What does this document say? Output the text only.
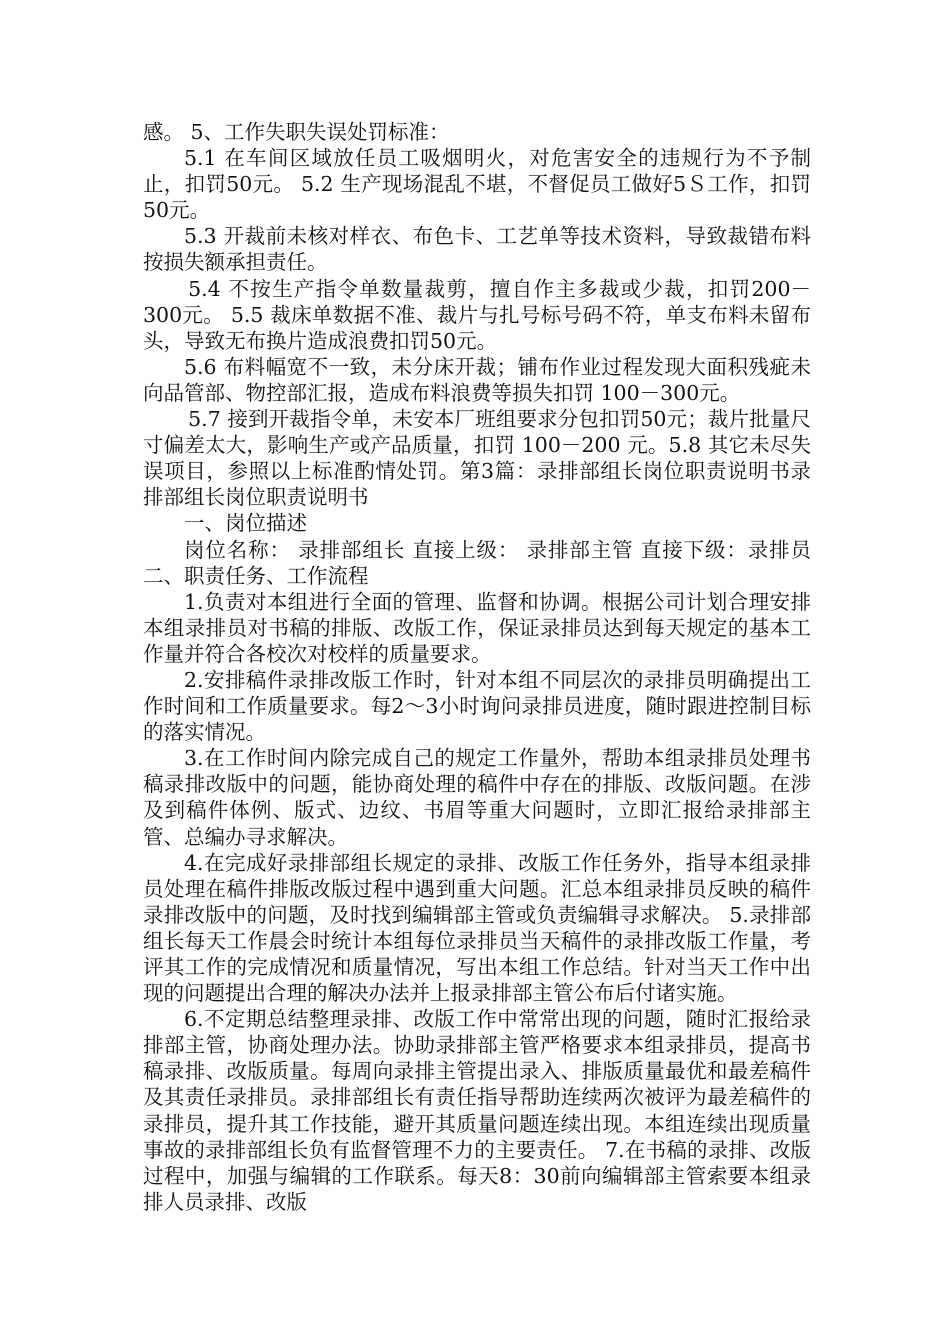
感。 5、工作失职失误处罚标准：

5.1 在车间区域放任员工吸烟明火，对危害安全的违规行为不予制止，扣罚50元。 5.2 生产现场混乱不堪，不督促员工做好5Ｓ工作，扣罚50元。

5.3 开裁前未核对样衣、布色卡、工艺单等技术资料，导致裁错布料按损失额承担责任。

5.4 不按生产指令单数量裁剪，擅自作主多裁或少裁，扣罚200－300元。 5.5 裁床单数据不准、裁片与扎号标号码不符，单支布料未留布头，导致无布换片造成浪费扣罚50元。

5.6 布料幅宽不一致，未分床开裁；铺布作业过程发现大面积残疵未向品管部、物控部汇报，造成布料浪费等损失扣罚 100－300元。

5.7 接到开裁指令单，未安本厂班组要求分包扣罚50元；裁片批量尺寸偏差太大，影响生产或产品质量，扣罚 100－200 元。5.8 其它未尽失误项目，参照以上标准酌情处罚。第3篇：录排部组长岗位职责说明书录排部组长岗位职责说明书

一、岗位描述

岗位名称： 录排部组长 直接上级： 录排部主管 直接下级：录排员 二、职责任务、工作流程

1.负责对本组进行全面的管理、监督和协调。根据公司计划合理安排本组录排员对书稿的排版、改版工作，保证录排员达到每天规定的基本工作量并符合各校次对校样的质量要求。

2.安排稿件录排改版工作时，针对本组不同层次的录排员明确提出工作时间和工作质量要求。每2～3小时询问录排员进度，随时跟进控制目标的落实情况。

3.在工作时间内除完成自己的规定工作量外，帮助本组录排员处理书稿录排改版中的问题，能协商处理的稿件中存在的排版、改版问题。在涉及到稿件体例、版式、边纹、书眉等重大问题时，立即汇报给录排部主管、总编办寻求解决。

4.在完成好录排部组长规定的录排、改版工作任务外，指导本组录排员处理在稿件排版改版过程中遇到重大问题。汇总本组录排员反映的稿件录排改版中的问题，及时找到编辑部主管或负责编辑寻求解决。 5.录排部组长每天工作晨会时统计本组每位录排员当天稿件的录排改版工作量，考评其工作的完成情况和质量情况，写出本组工作总结。针对当天工作中出现的问题提出合理的解决办法并上报录排部主管公布后付诸实施。

6.不定期总结整理录排、改版工作中常常出现的问题，随时汇报给录排部主管，协商处理办法。协助录排部主管严格要求本组录排员，提高书稿录排、改版质量。每周向录排主管提出录入、排版质量最优和最差稿件及其责任录排员。录排部组长有责任指导帮助连续两次被评为最差稿件的录排员，提升其工作技能，避开其质量问题连续出现。本组连续出现质量事故的录排部组长负有监督管理不力的主要责任。 7.在书稿的录排、改版过程中，加强与编辑的工作联系。每天8：30前向编辑部主管索要本组录排人员录排、改版
